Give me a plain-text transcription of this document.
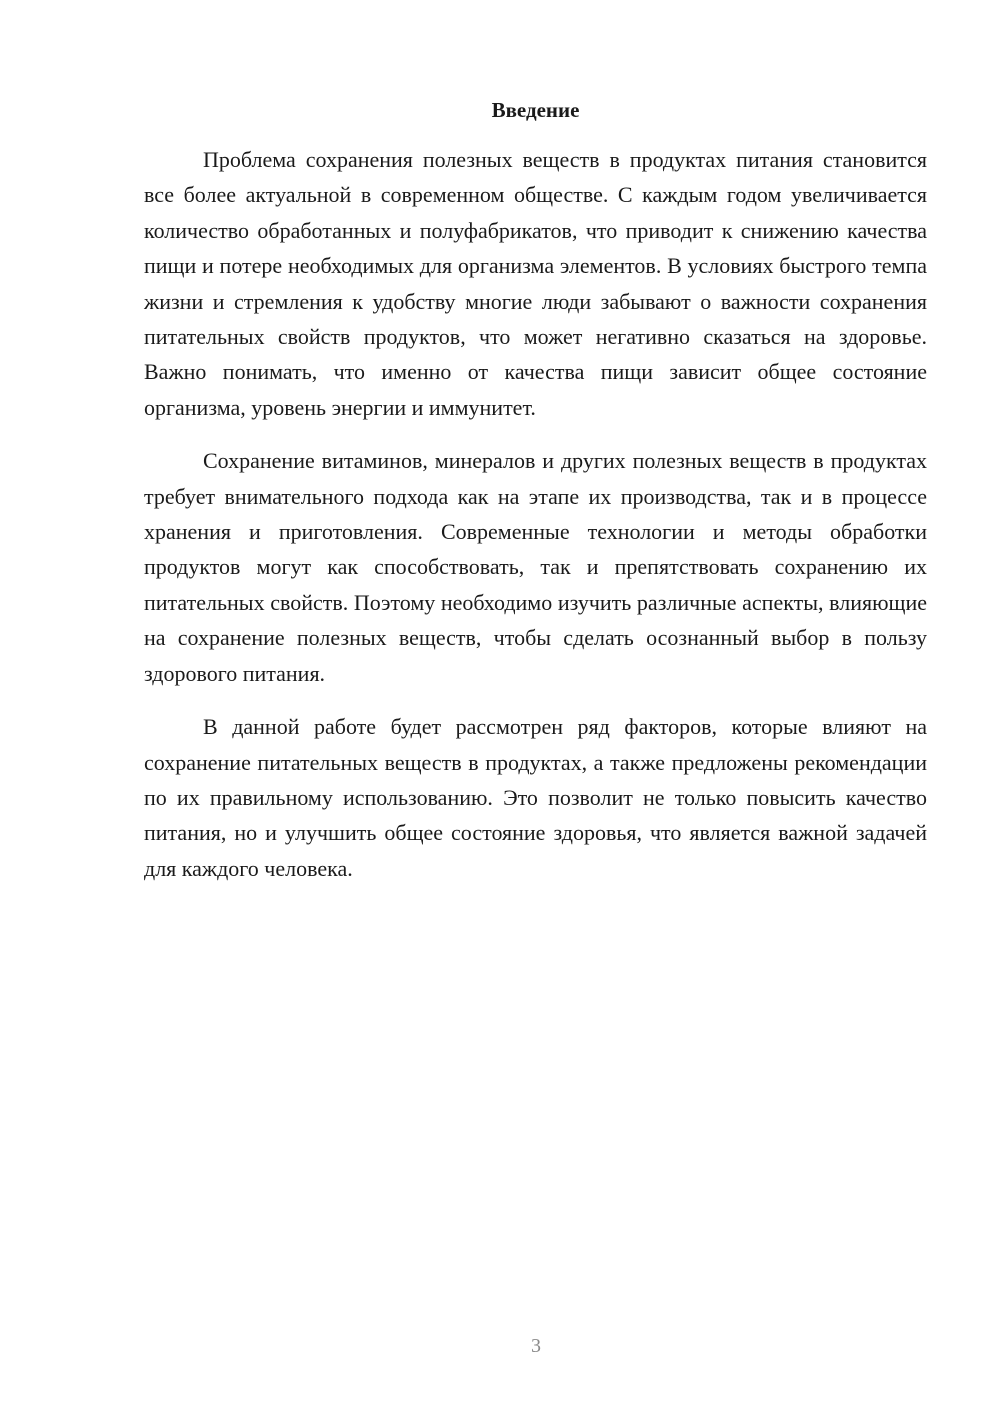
Введение

Проблема сохранения полезных веществ в продуктах питания становится все более актуальной в современном обществе. С каждым годом увеличивается количество обработанных и полуфабрикатов, что приводит к снижению качества пищи и потере необходимых для организма элементов. В условиях быстрого темпа жизни и стремления к удобству многие люди забывают о важности сохранения питательных свойств продуктов, что может негативно сказаться на здоровье. Важно понимать, что именно от качества пищи зависит общее состояние организма, уровень энергии и иммунитет.

Сохранение витаминов, минералов и других полезных веществ в продуктах требует внимательного подхода как на этапе их производства, так и в процессе хранения и приготовления. Современные технологии и методы обработки продуктов могут как способствовать, так и препятствовать сохранению их питательных свойств. Поэтому необходимо изучить различные аспекты, влияющие на сохранение полезных веществ, чтобы сделать осознанный выбор в пользу здорового питания.

В данной работе будет рассмотрен ряд факторов, которые влияют на сохранение питательных веществ в продуктах, а также предложены рекомендации по их правильному использованию. Это позволит не только повысить качество питания, но и улучшить общее состояние здоровья, что является важной задачей для каждого человека.

3
